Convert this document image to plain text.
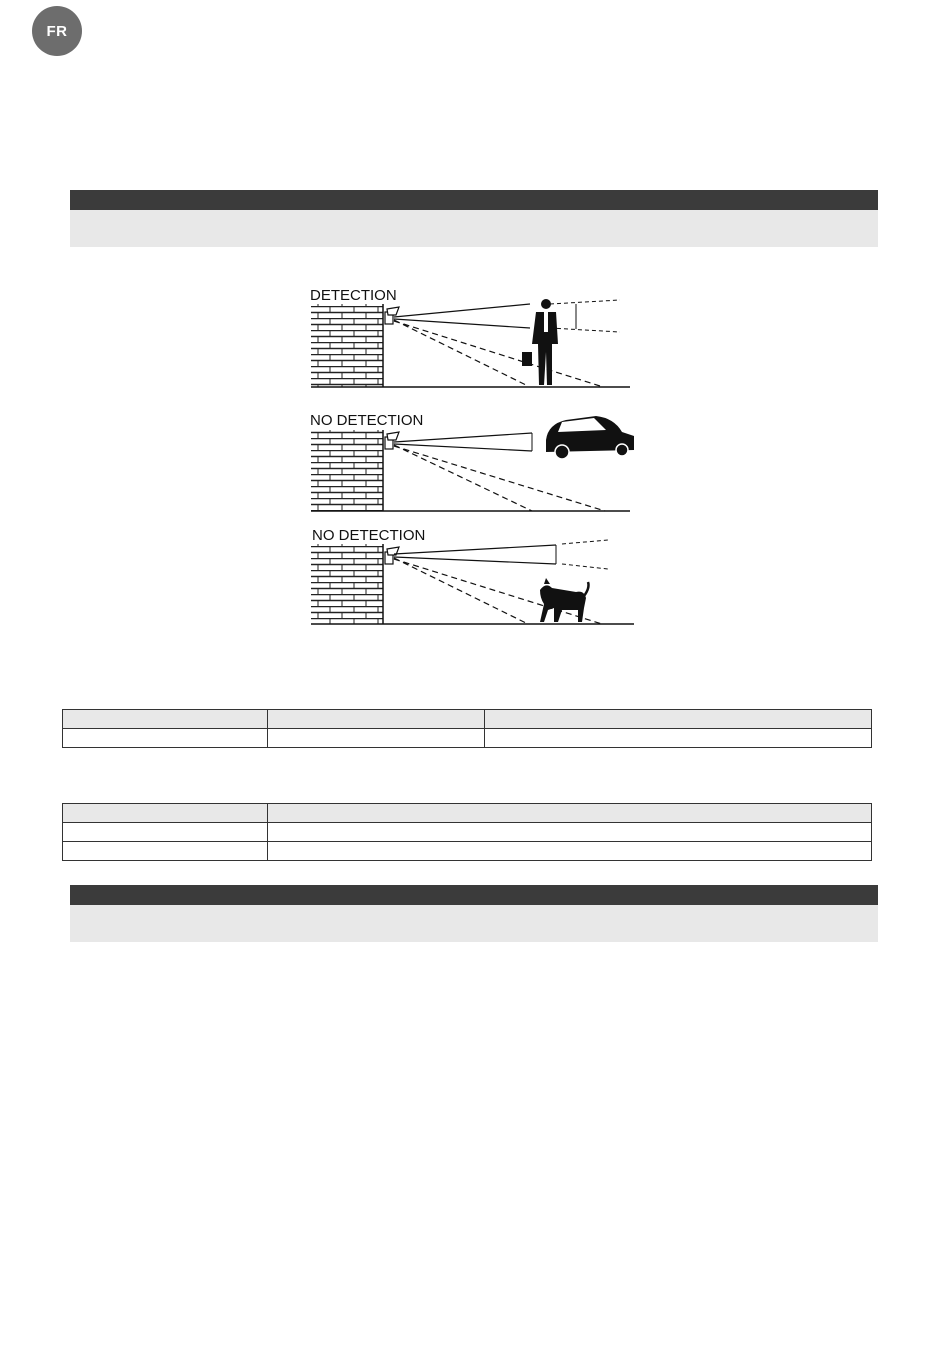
FR
DETECTION
NO DETECTION
NO DETECTION
